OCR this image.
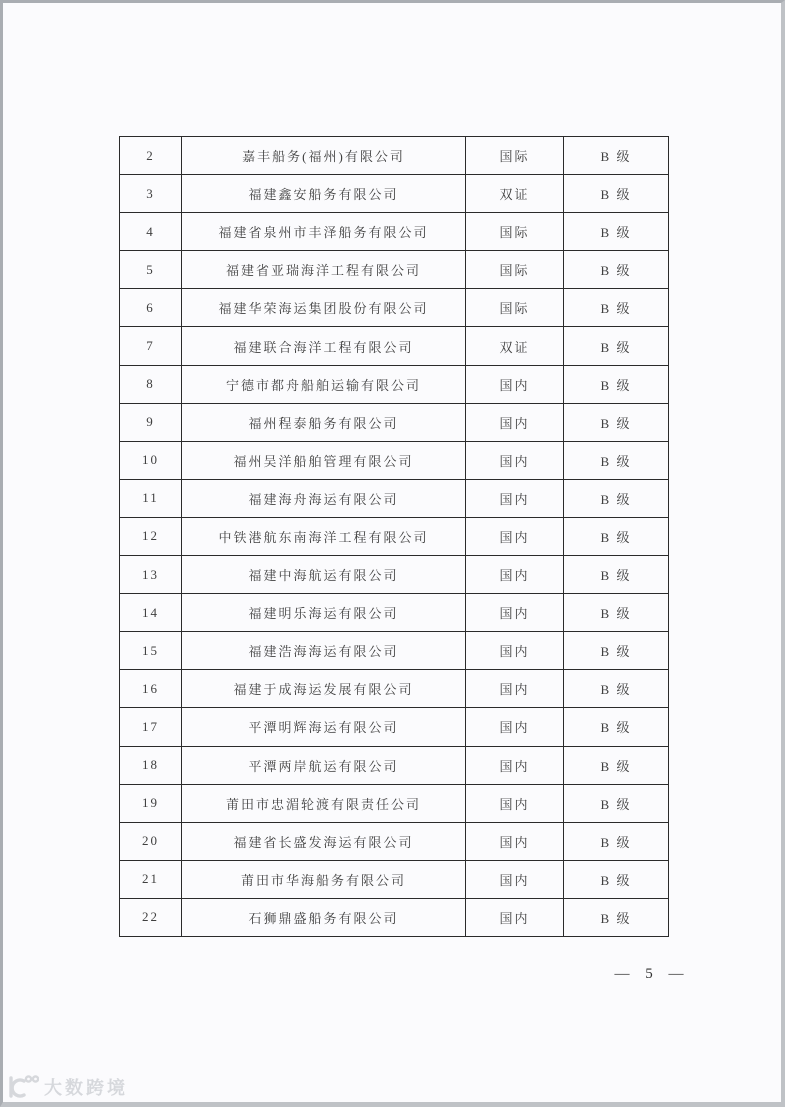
2	嘉丰船务(福州)有限公司	国际	B 级
3	福建鑫安船务有限公司	双证	B 级
4	福建省泉州市丰泽船务有限公司	国际	B 级
5	福建省亚瑞海洋工程有限公司	国际	B 级
6	福建华荣海运集团股份有限公司	国际	B 级
7	福建联合海洋工程有限公司	双证	B 级
8	宁德市都舟船舶运输有限公司	国内	B 级
9	福州程泰船务有限公司	国内	B 级
10	福州吴洋船舶管理有限公司	国内	B 级
11	福建海舟海运有限公司	国内	B 级
12	中铁港航东南海洋工程有限公司	国内	B 级
13	福建中海航运有限公司	国内	B 级
14	福建明乐海运有限公司	国内	B 级
15	福建浩海海运有限公司	国内	B 级
16	福建于成海运发展有限公司	国内	B 级
17	平潭明辉海运有限公司	国内	B 级
18	平潭两岸航运有限公司	国内	B 级
19	莆田市忠湄轮渡有限责任公司	国内	B 级
20	福建省长盛发海运有限公司	国内	B 级
21	莆田市华海船务有限公司	国内	B 级
22	石狮鼎盛船务有限公司	国内	B 级
— 5 —
大数跨境
